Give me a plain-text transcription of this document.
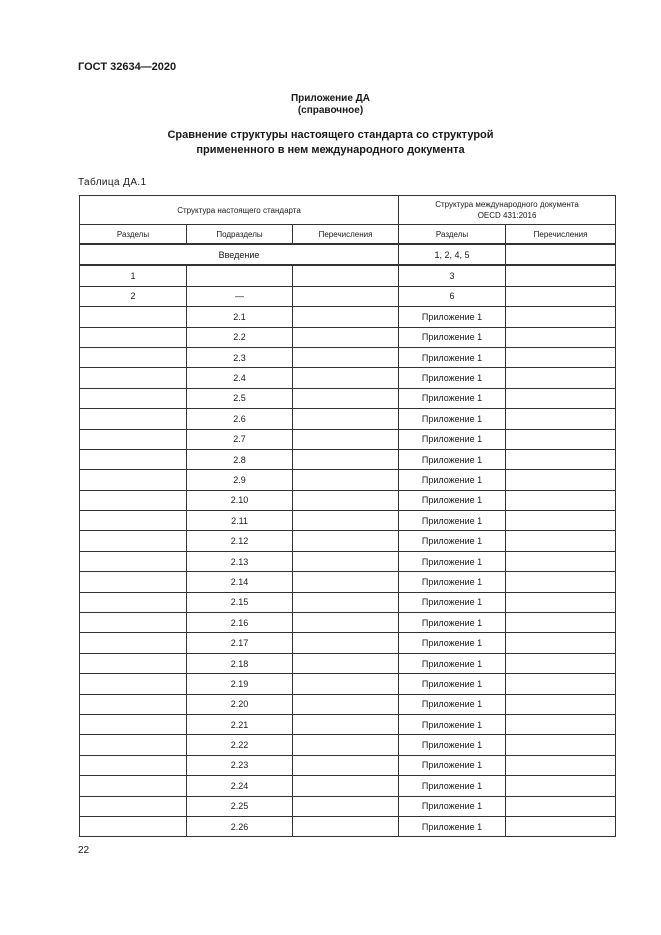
ГОСТ 32634—2020
Приложение ДА
(справочное)
Сравнение структуры настоящего стандарта со структурой
примененного в нем международного документа
Таблица ДА.1
Структура настоящего стандарта			Структура международного документа
OECD 431:2016	

Разделы	Подразделы	Перечисления	Разделы	Перечисления
Введение			1, 2, 4, 5	
1			3	
2	—		6	
	2.1		Приложение 1	
	2.2		Приложение 1	
	2.3		Приложение 1	
	2.4		Приложение 1	
	2.5		Приложение 1	
	2.6		Приложение 1	
	2.7		Приложение 1	
	2.8		Приложение 1	
	2.9		Приложение 1	
	2.10		Приложение 1	
	2.11		Приложение 1	
	2.12		Приложение 1	
	2.13		Приложение 1	
	2.14		Приложение 1	
	2.15		Приложение 1	
	2.16		Приложение 1	
	2.17		Приложение 1	
	2.18		Приложение 1	
	2.19		Приложение 1	
	2.20		Приложение 1	
	2.21		Приложение 1	
	2.22		Приложение 1	
	2.23		Приложение 1	
	2.24		Приложение 1	
	2.25		Приложение 1	
	2.26		Приложение 1	
22
